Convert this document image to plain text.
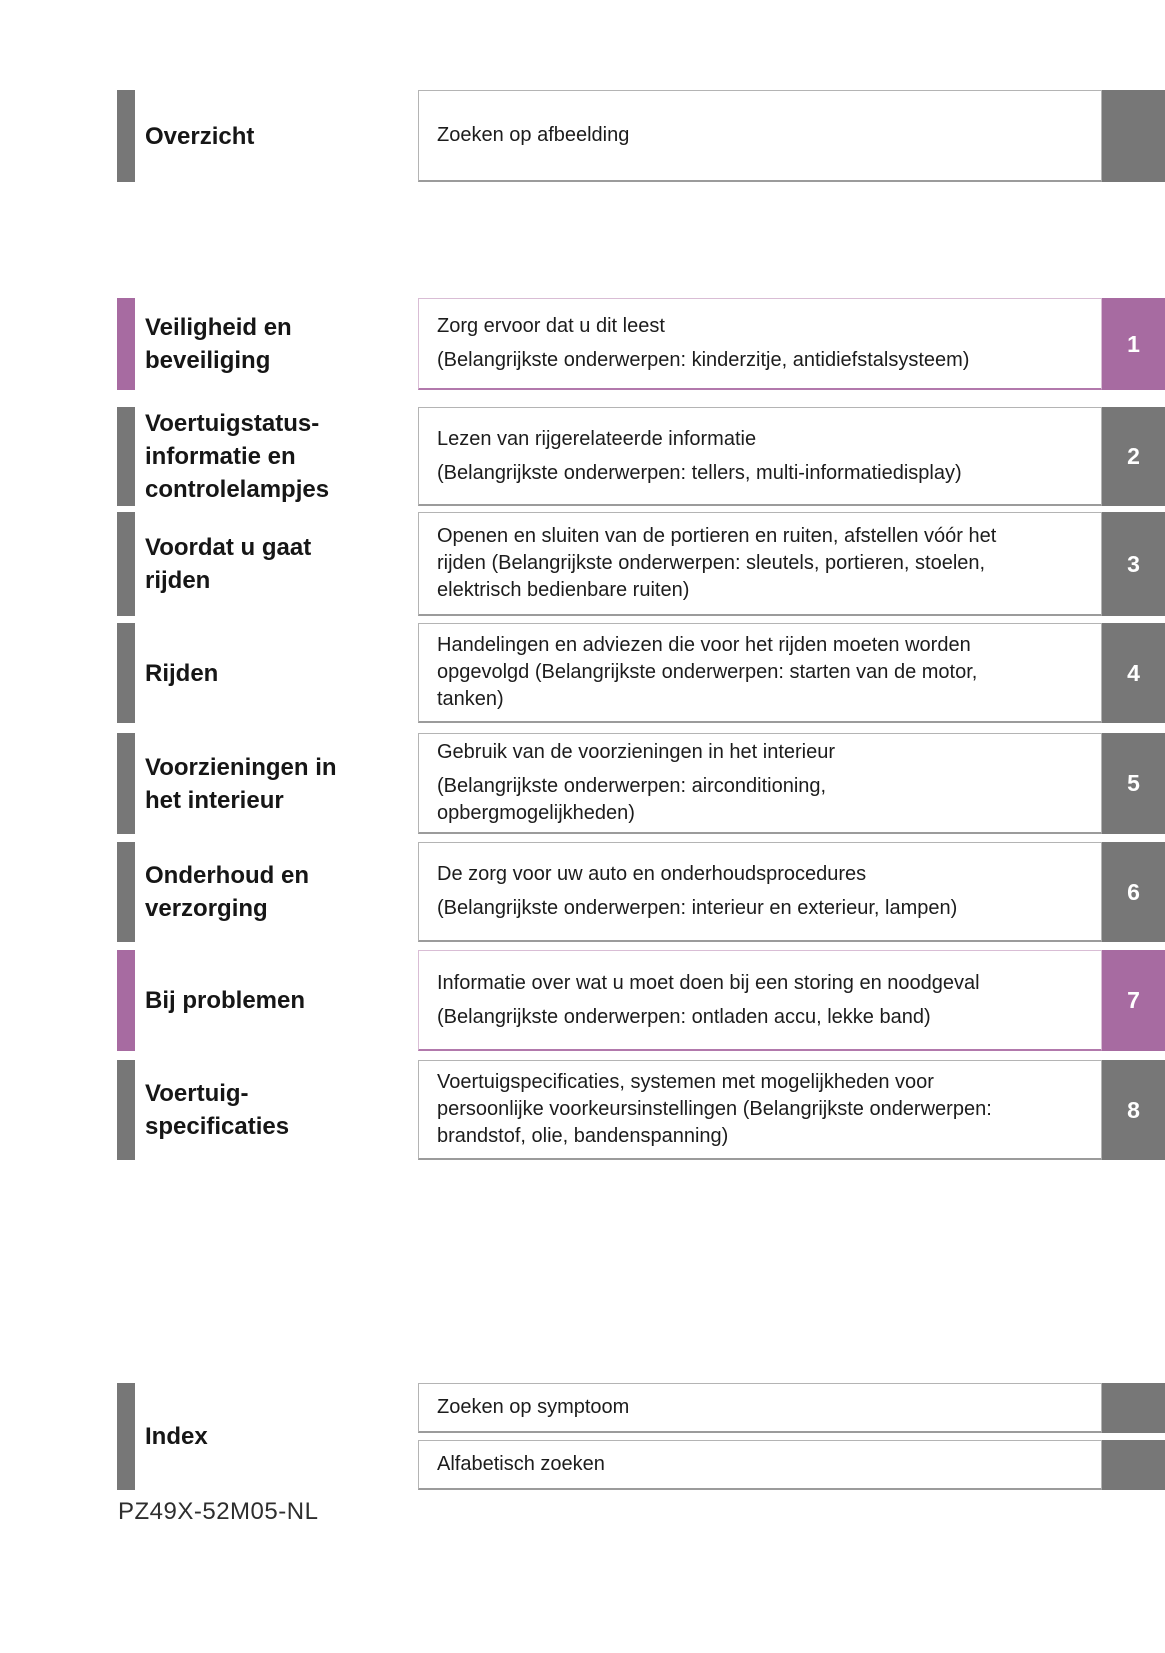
Overzicht	Zoeken op afbeelding

Veiligheid en
beveiliging

Zorg ervoor dat u dit leest

(Belangrijkste onderwerpen: kinderzitje, antidiefstalsysteem)

1
Voertuigstatus-
informatie en
controlelampjes

Lezen van rijgerelateerde informatie

(Belangrijkste onderwerpen: tellers, multi-informatiedisplay)

2
Voordat u gaat
rijden

Openen en sluiten van de portieren en ruiten, afstellen vóór het
rijden (Belangrijkste onderwerpen: sleutels, portieren, stoelen,
elektrisch bedienbare ruiten)

3
Rijden

Handelingen en adviezen die voor het rijden moeten worden
opgevolgd (Belangrijkste onderwerpen: starten van de motor,
tanken)

4
Voorzieningen in
het interieur

Gebruik van de voorzieningen in het interieur

(Belangrijkste onderwerpen: airconditioning,
opbergmogelijkheden)

5
Onderhoud en
verzorging

De zorg voor uw auto en onderhoudsprocedures

(Belangrijkste onderwerpen: interieur en exterieur, lampen)

6
Bij problemen

Informatie over wat u moet doen bij een storing en noodgeval

(Belangrijkste onderwerpen: ontladen accu, lekke band)

7
Voertuig-
specificaties

Voertuigspecificaties, systemen met mogelijkheden voor
persoonlijke voorkeursinstellingen (Belangrijkste onderwerpen:
brandstof, olie, bandenspanning)

8
Index
Zoeken op symptoom
Alfabetisch zoeken
PZ49X-52M05-NL
